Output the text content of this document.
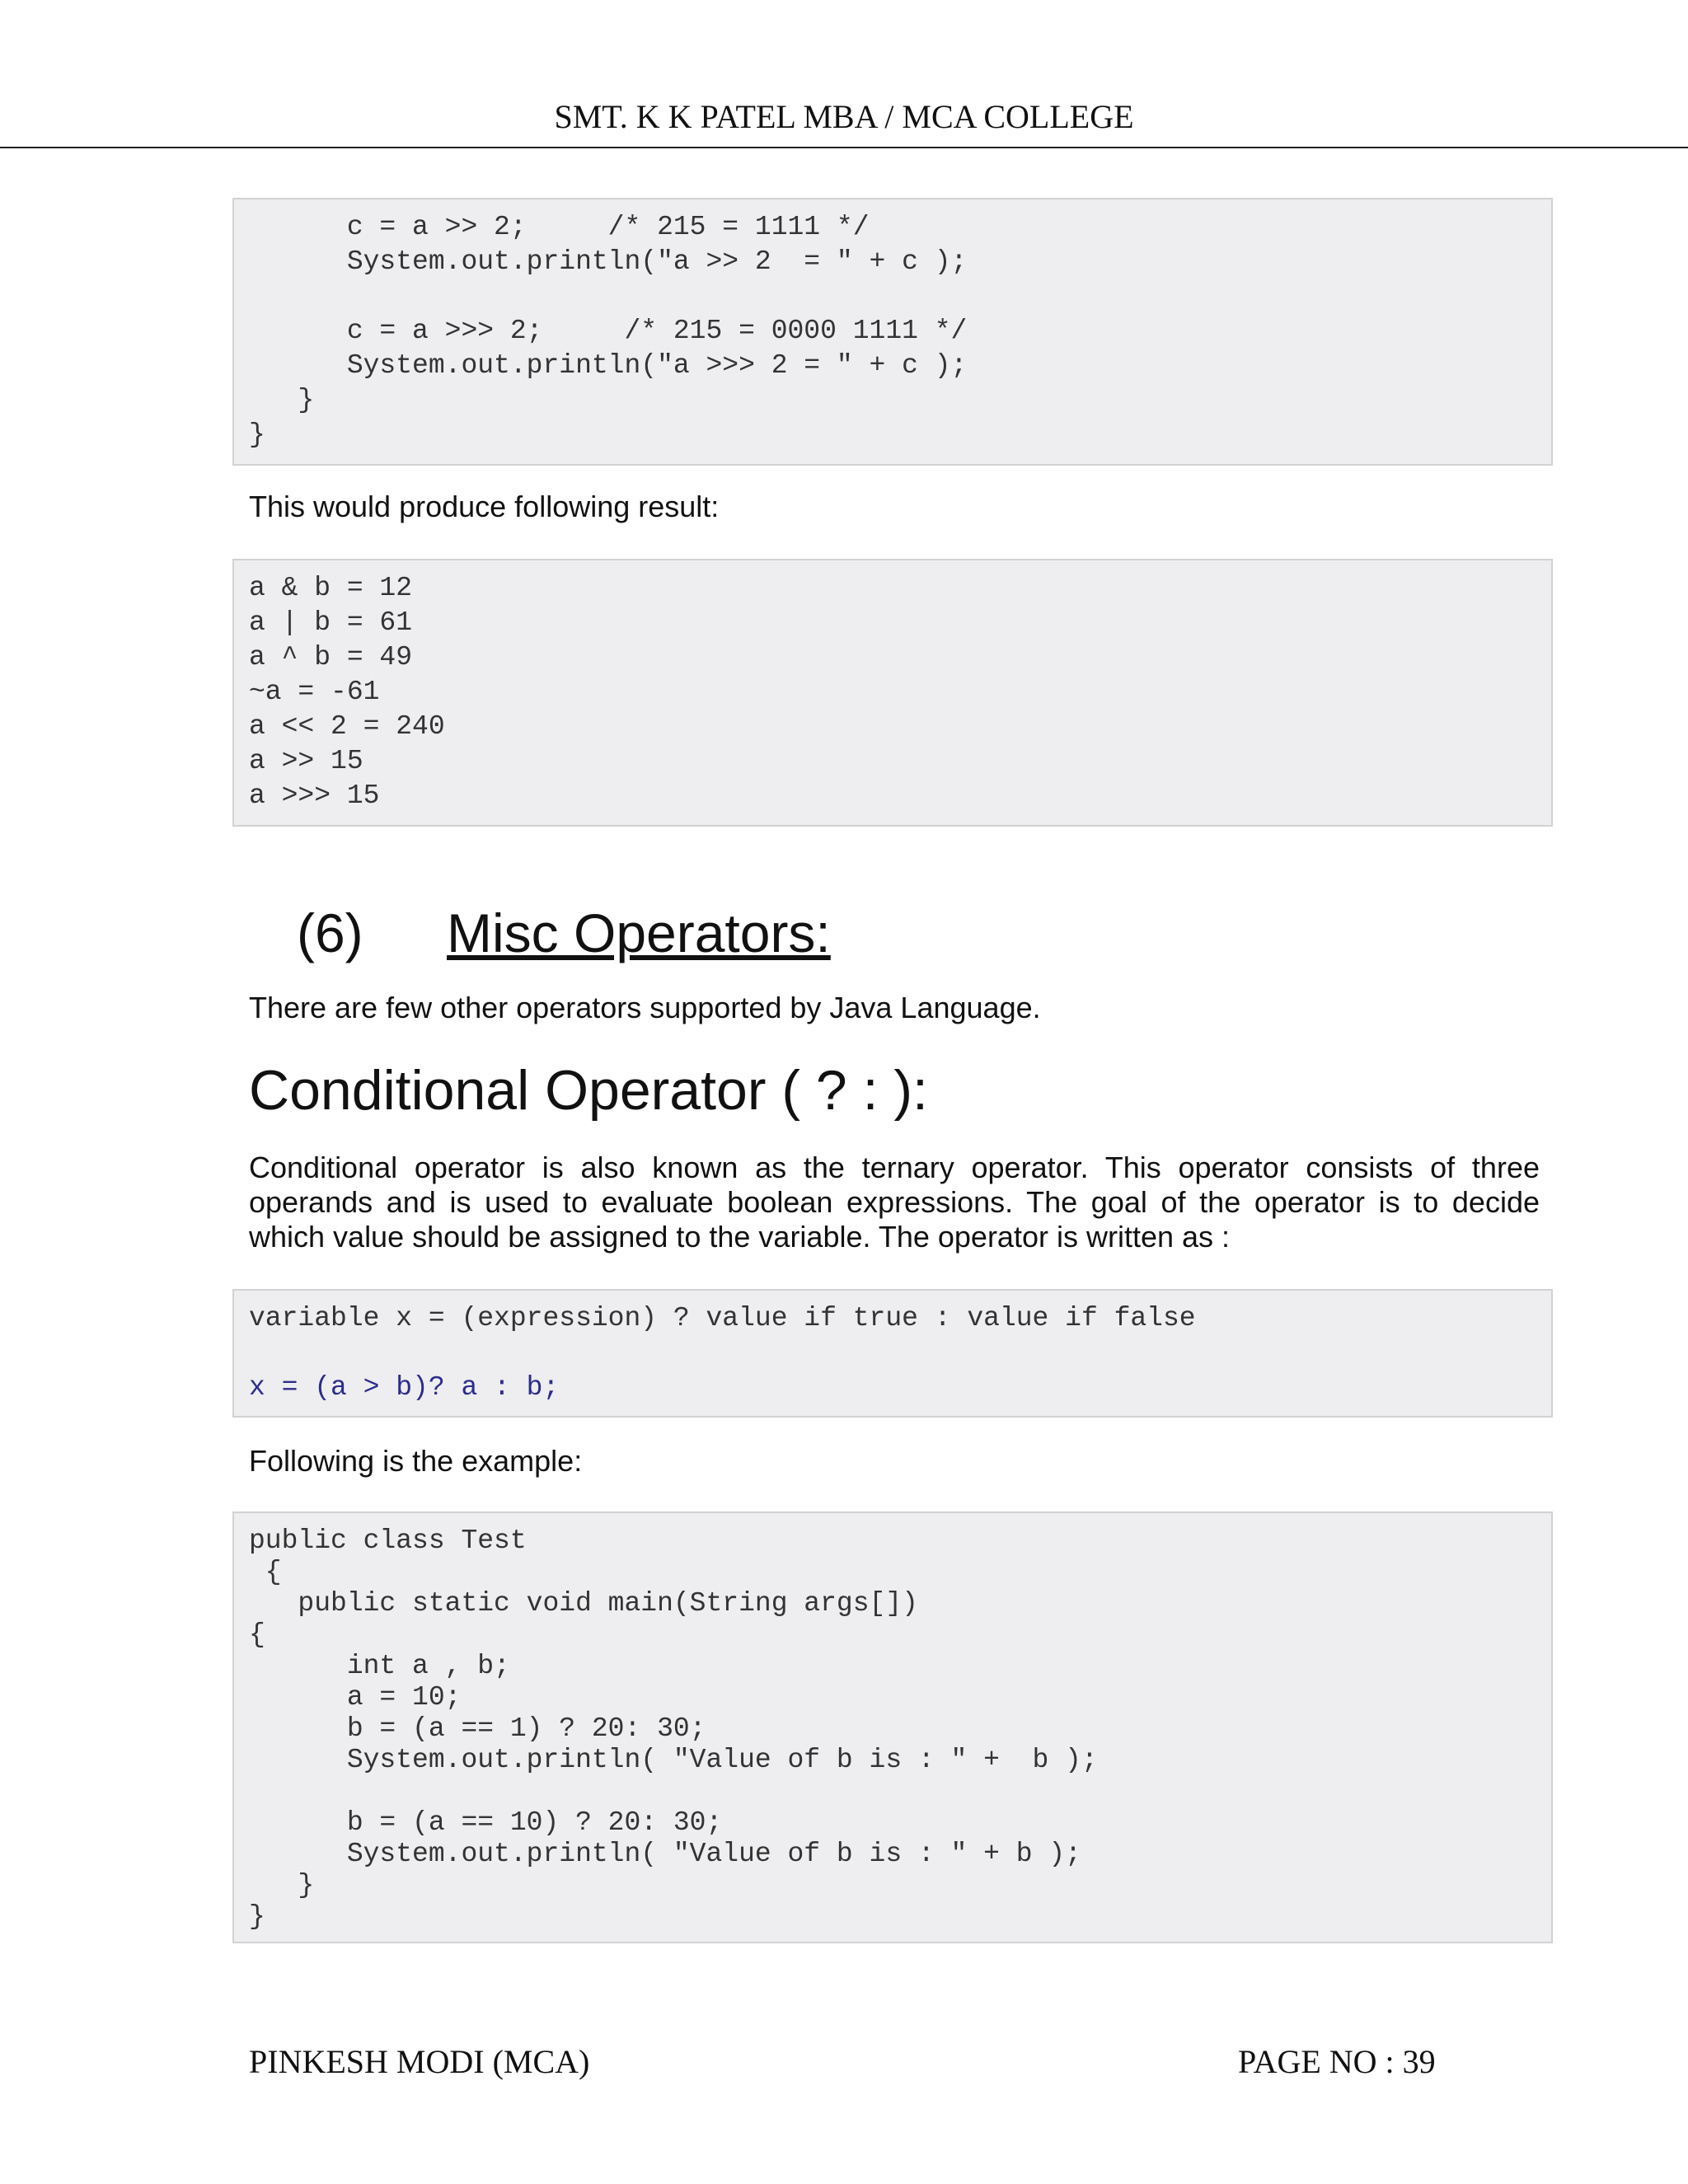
SMT. K K PATEL MBA / MCA COLLEGE
c = a >> 2;     /* 215 = 1111 */
System.out.println("a >> 2  = " + c );
c = a >>> 2;     /* 215 = 0000 1111 */
System.out.println("a >>> 2 = " + c );
}
}
This would produce following result:
a & b = 12
a | b = 61
a ^ b = 49
~a = -61
a << 2 = 240
a >> 15
a >>> 15
(6) Misc Operators:
There are few other operators supported by Java Language.
Conditional Operator ( ? : ):
Conditional operator is also known as the ternary operator. This operator consists of three operands and is used to evaluate boolean expressions. The goal of the operator is to decide which value should be assigned to the variable. The operator is written as :
variable x = (expression) ? value if true : value if false
x = (a > b)? a : b;
Following is the example:
public class Test
{
public static void main(String args[])
{
int a , b;
a = 10;
b = (a == 1) ? 20: 30;
System.out.println( "Value of b is : " +  b );
b = (a == 10) ? 20: 30;
System.out.println( "Value of b is : " + b );
}
}
PINKESH MODI (MCA)	PAGE NO : 39
